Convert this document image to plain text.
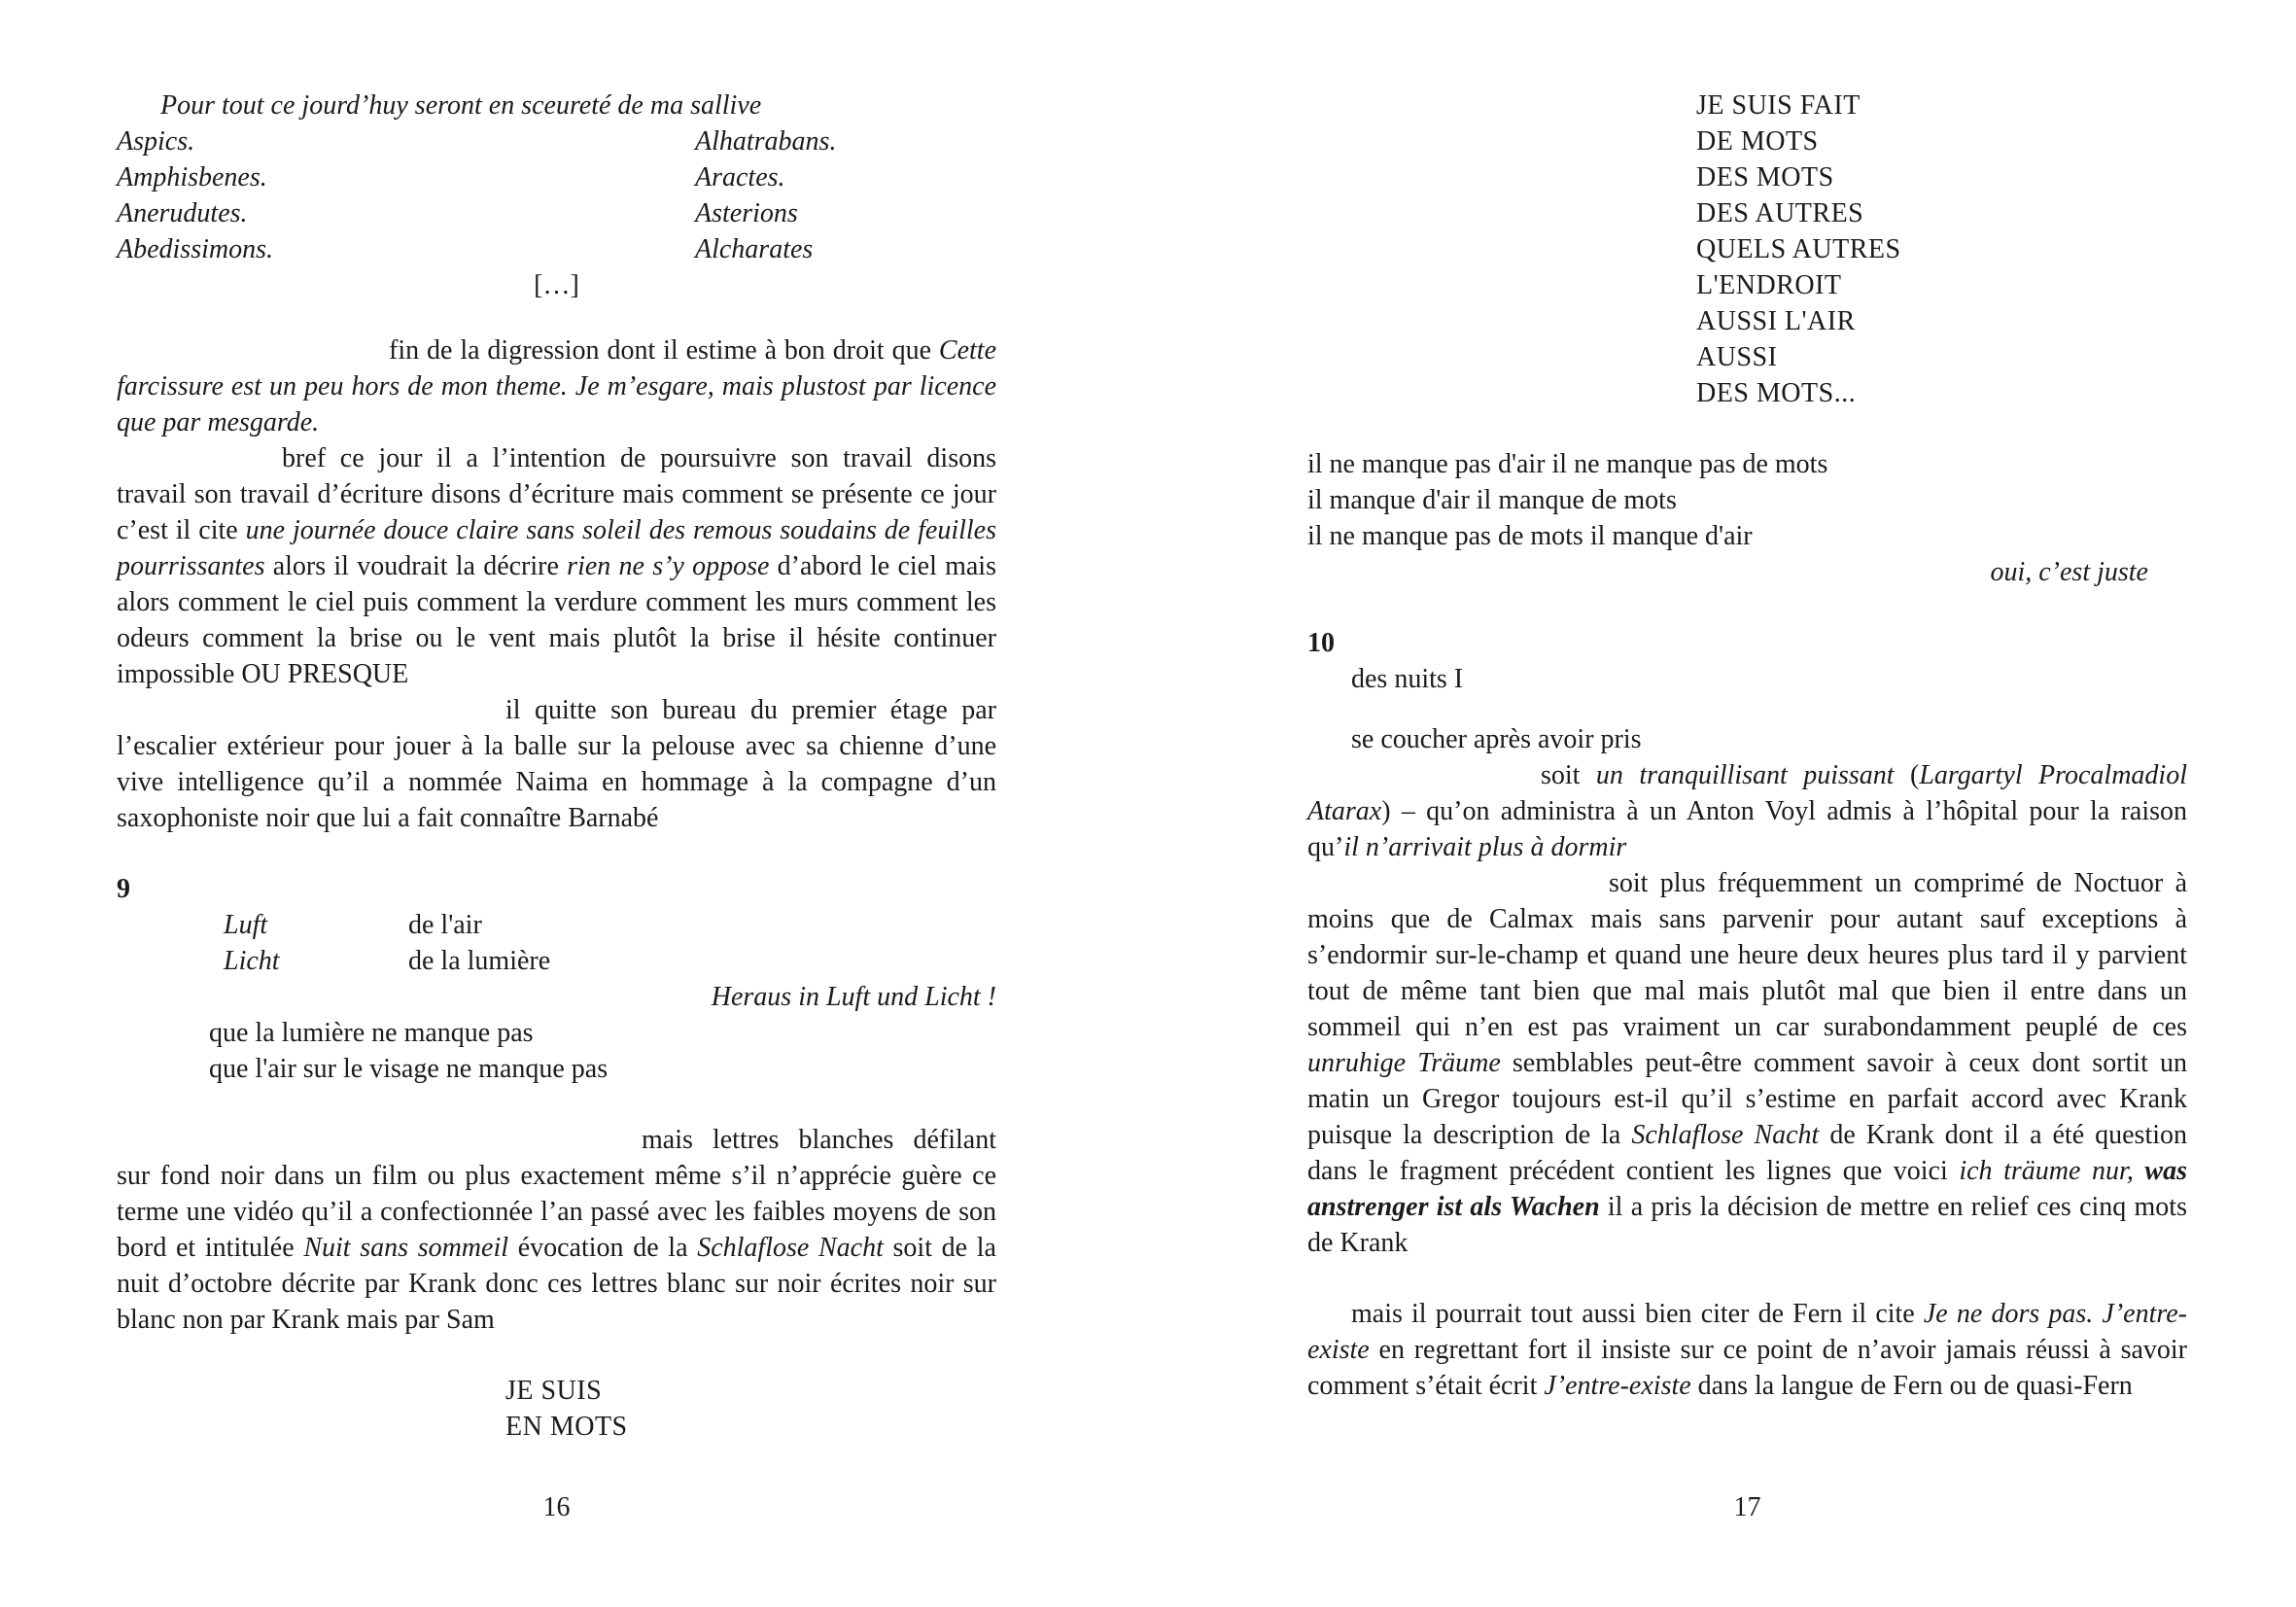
Pour tout ce jourd’huy seront en sceureté de ma sallive

Aspics.	Alhatrabans.
Amphisbenes.	Aractes.
Anerudutes.	Asterions
Abedissimons.	Alcharates

[…]

fin de la digression dont il estime à bon droit que Cette farcissure est un peu hors de mon theme. Je m’esgare, mais plustost par licence que par mesgarde.

bref ce jour il a l’intention de poursuivre son travail disons travail son travail d’écriture disons d’écriture mais comment se présente ce jour c’est il cite une journée douce claire sans soleil des remous soudains de feuilles pourrissantes alors il voudrait la décrire rien ne s’y oppose d’abord le ciel mais alors comment le ciel puis comment la verdure comment les murs comment les odeurs comment la brise ou le vent mais plutôt la brise il hésite continuer impossible OU PRESQUE

il quitte son bureau du premier étage par l’escalier extérieur pour jouer à la balle sur la pelouse avec sa chienne d’une vive intelligence qu’il a nommée Naima en hommage à la compagne d’un saxophoniste noir que lui a fait connaître Barnabé

9

Luft	de l'air
Licht	de la lumière

Heraus in Luft und Licht !

que la lumière ne manque pas

que l'air sur le visage ne manque pas

mais lettres blanches défilant sur fond noir dans un film ou plus exactement même s’il n’apprécie guère ce terme une vidéo qu’il a confectionnée l’an passé avec les faibles moyens de son bord et intitulée Nuit sans sommeil évocation de la Schlaflose Nacht soit de la nuit d’octobre décrite par Krank donc ces lettres blanc sur noir écrites noir sur blanc non par Krank mais par Sam

JE SUIS
EN MOTS
16
JE SUIS FAIT
DE MOTS
DES MOTS
DES AUTRES
QUELS AUTRES
L'ENDROIT
AUSSI L'AIR
AUSSI
DES MOTS...

il ne manque pas d'air il ne manque pas de mots

il manque d'air il manque de mots

il ne manque pas de mots il manque d'air

oui, c’est juste

10

des nuits I

se coucher après avoir pris

soit un tranquillisant puissant (Largartyl Procalmadiol Atarax) – qu’on administra à un Anton Voyl admis à l’hôpital pour la raison qu’il n’arrivait plus à dormir

soit plus fréquemment un comprimé de Noctuor à moins que de Calmax mais sans parvenir pour autant sauf exceptions à s’endormir sur-le-champ et quand une heure deux heures plus tard il y parvient tout de même tant bien que mal mais plutôt mal que bien il entre dans un sommeil qui n’en est pas vraiment un car surabondamment peuplé de ces unruhige Träume semblables peut-être comment savoir à ceux dont sortit un matin un Gregor toujours est-il qu’il s’estime en parfait accord avec Krank puisque la description de la Schlaflose Nacht de Krank dont il a été question dans le fragment précédent contient les lignes que voici ich träume nur, was anstrenger ist als Wachen il a pris la décision de mettre en relief ces cinq mots de Krank

mais il pourrait tout aussi bien citer de Fern il cite Je ne dors pas. J’entre-existe en regrettant fort il insiste sur ce point de n’avoir jamais réussi à savoir comment s’était écrit J’entre-existe dans la langue de Fern ou de quasi-Fern

17
